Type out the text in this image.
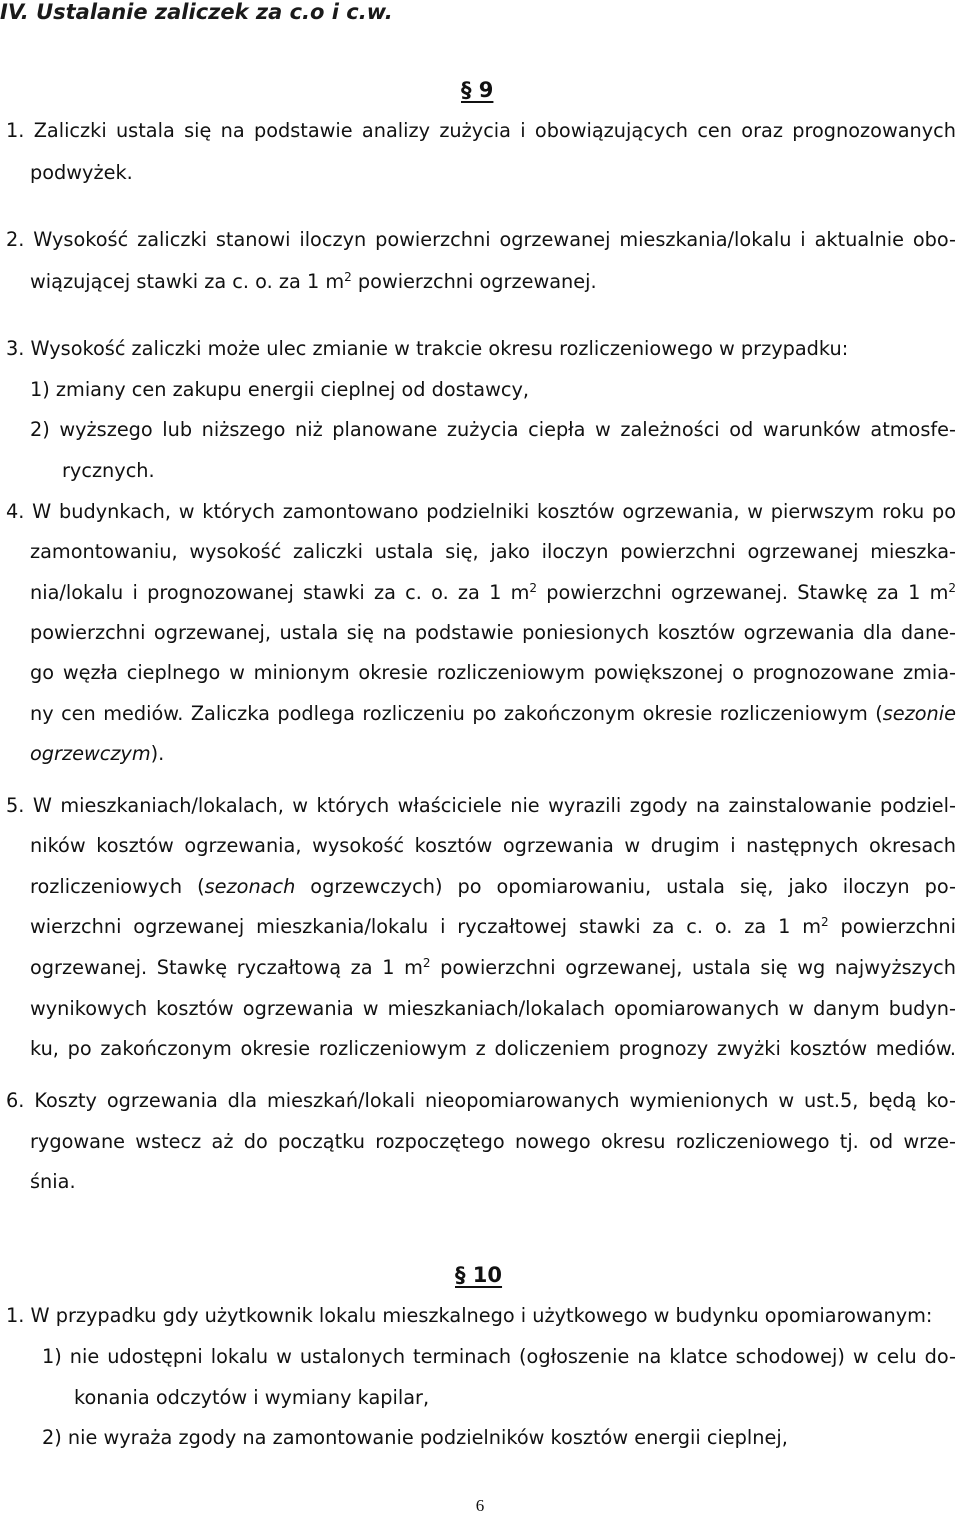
IV. Ustalanie zaliczek za c.o i c.w.
§ 9
1. Zaliczki ustala się na podstawie analizy zużycia i obowiązujących cen oraz prognozowanych
podwyżek.
2. Wysokość zaliczki stanowi iloczyn powierzchni ogrzewanej mieszkania/lokalu i aktualnie obo-
wiązującej stawki za c. o. za 1 $m^2$ powierzchni ogrzewanej.
3. Wysokość zaliczki może ulec zmianie w trakcie okresu rozliczeniowego w przypadku:
1) zmiany cen zakupu energii cieplnej od dostawcy,
2) wyższego lub niższego niż planowane zużycia ciepła w zależności od warunków atmosfe-
rycznych.
4. W budynkach, w których zamontowano podzielniki kosztów ogrzewania, w pierwszym roku po
zamontowaniu, wysokość zaliczki ustala się, jako iloczyn powierzchni ogrzewanej mieszka-
nia/lokalu i prognozowanej stawki za c. o. za 1 $m^2$ powierzchni ogrzewanej. Stawkę za 1 $m^2$
powierzchni ogrzewanej, ustala się na podstawie poniesionych kosztów ogrzewania dla dane-
go węzła cieplnego w minionym okresie rozliczeniowym powiększonej o prognozowane zmia-
ny cen mediów. Zaliczka podlega rozliczeniu po zakończonym okresie rozliczeniowym (sezonie
ogrzewczym).
5. W mieszkaniach/lokalach, w których właściciele nie wyrazili zgody na zainstalowanie podziel-
ników kosztów ogrzewania, wysokość kosztów ogrzewania w drugim i następnych okresach
rozliczeniowych (sezonach ogrzewczych) po opomiarowaniu, ustala się, jako iloczyn po-
wierzchni ogrzewanej mieszkania/lokalu i ryczałtowej stawki za c. o. za 1 $m^2$ powierzchni
ogrzewanej. Stawkę ryczałtową za 1 $m^2$ powierzchni ogrzewanej, ustala się wg najwyższych
wynikowych kosztów ogrzewania w mieszkaniach/lokalach opomiarowanych w danym budyn-
ku, po zakończonym okresie rozliczeniowym z doliczeniem prognozy zwyżki kosztów mediów.
6. Koszty ogrzewania dla mieszkań/lokali nieopomiarowanych wymienionych w ust.5, będą ko-
rygowane wstecz aż do początku rozpoczętego nowego okresu rozliczeniowego tj. od wrze-
śnia.
§ 10
1. W przypadku gdy użytkownik lokalu mieszkalnego i użytkowego w budynku opomiarowanym:
1) nie udostępni lokalu w ustalonych terminach (ogłoszenie na klatce schodowej) w celu do-
konania odczytów i wymiany kapilar,
2) nie wyraża zgody na zamontowanie podzielników kosztów energii cieplnej,
6
